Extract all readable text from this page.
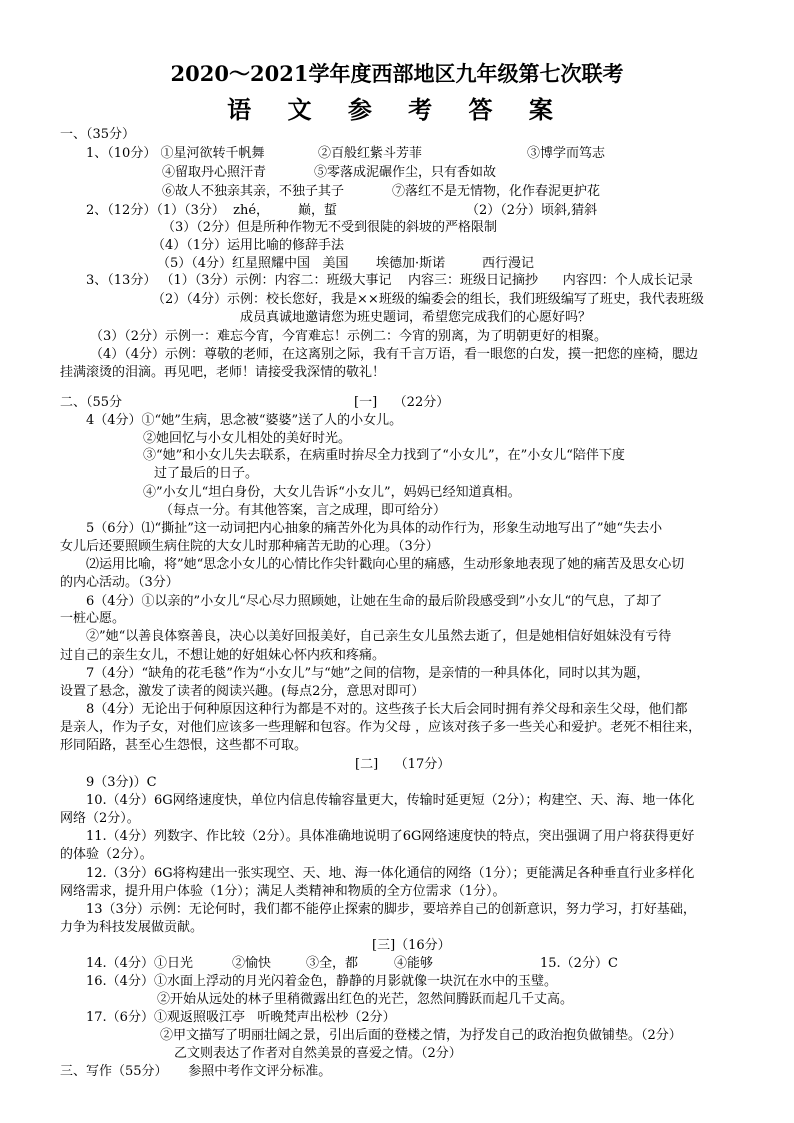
2020～2021学年度西部地区九年级第七次联考
语 文 参 考 答 案
一、（35分）
1、（10分） ①星河欲转千帆舞	②百般红紫斗芳菲	③博学而笃志
④留取丹心照汗青	⑤零落成泥碾作尘，只有香如故
⑥故人不独亲其亲，不独子其子	⑦落红不是无情物，化作春泥更护花
2、（12分）（1）（3分）  zhé， 巅，蜇	（2）（2分）顷斜,猜斜
（3）（2分）但是所种作物无不受到很陡的斜坡的严格限制
（4）（1分）运用比喻的修辞手法
（5）（4分）红星照耀中国   美国 埃德加·斯诺	西行漫记
3、（13分） （1）（3分）示例：内容二：班级大事记    内容三：班级日记摘抄      内容四：个人成长记录
（2）（4分）示例：校长您好，我是××班级的编委会的组长，我们班级编写了班史，我代表班级
成员真诚地邀请您为班史题词，希望您完成我们的心愿好吗？
（3）（2分）示例一：难忘今宵，今宵难忘！示例二：今宵的别离，为了明朝更好的相聚。
（4）（4分）示例：尊敬的老师，在这离别之际，我有千言万语，看一眼您的白发，摸一把您的座椅，腮边
挂满滚烫的泪滴。再见吧，老师！请接受我深情的敬礼！
二、（55分	[一]    （22分）
4（4分）①“她”生病，思念被“婆婆”送了人的小女儿。
②她回忆与小女儿相处的美好时光。
③“她”和小女儿失去联系，在病重时拚尽全力找到了“小女儿”，在”小女儿“陪伴下度
过了最后的日子。
④”小女儿“坦白身份，大女儿告诉“小女儿”，妈妈已经知道真相。
（每点一分。有其他答案，言之成理，即可给分）
5（6分）⑴“撕扯”这一动词把内心抽象的痛苦外化为具体的动作行为，形象生动地写出了”她“失去小
女儿后还要照顾生病住院的大女儿时那种痛苦无助的心理。（3分）
⑵运用比喻，将”她“思念小女儿的心情比作尖针戳向心里的痛感，生动形象地表现了她的痛苦及思女心切
的内心活动。（3分）
6（4分）①以亲的”小女儿“尽心尽力照顾她，让她在生命的最后阶段感受到”小女儿“的气息，了却了
一桩心愿。
②”她“以善良体察善良，决心以美好回报美好，自己亲生女儿虽然去逝了，但是她相信好姐妹没有亏待
过自己的亲生女儿，不想让她的好姐妹心怀内疚和疼痛。
7（4分）“缺角的花毛毯”作为“小女儿”与“她”之间的信物，是亲情的一种具体化，同时以其为题，
设置了悬念，激发了读者的阅读兴趣。(每点2分，意思对即可）
8（4分）无论出于何种原因这种行为都是不对的。这些孩子长大后会同时拥有养父母和亲生父母，他们都
是亲人，作为子女，对他们应该多一些理解和包容。作为父母 ，应该对孩子多一些关心和爱护。老死不相往来，
形同陌路，甚至心生怨恨，这些都不可取。
[二]    （17分）
9（3分)）C
10.（4分）6G网络速度快，单位内信息传输容量更大，传输时延更短（2分）；构建空、天、海、地一体化
网络（2分）。
11.（4分）列数字、作比较（2分）。具体准确地说明了6G网络速度快的特点，突出强调了用户将获得更好
的体验（2分）。
12.（3分）6G将构建出一张实现空、天、地、海一体化通信的网络（1分）；更能满足各种垂直行业多样化
网络需求，提升用户体验（1分）；满足人类精神和物质的全方位需求（1分）。
13（3分）示例：无论何时，我们都不能停止探索的脚步，要培养自己的创新意识，努力学习，打好基础，
力争为科技发展做贡献。
[三]（16分）
14.（4分）①日光	②愉快	③全，都	④能够	15.（2分）C
16.（4分）①水面上浮动的月光闪着金色，静静的月影就像一块沉在水中的玉璧。
②开始从远处的林子里稍微露出红色的光芒，忽然间腾跃而起几千丈高。
17.（6分）①观返照吸江亭   听晚梵声出松杪（2分）
②甲文描写了明丽壮阔之景，引出后面的登楼之情，为抒发自己的政治抱负做铺垫。（2分）
乙文则表达了作者对自然美景的喜爱之情。（2分）
三、写作（55分）     参照中考作文评分标准。
